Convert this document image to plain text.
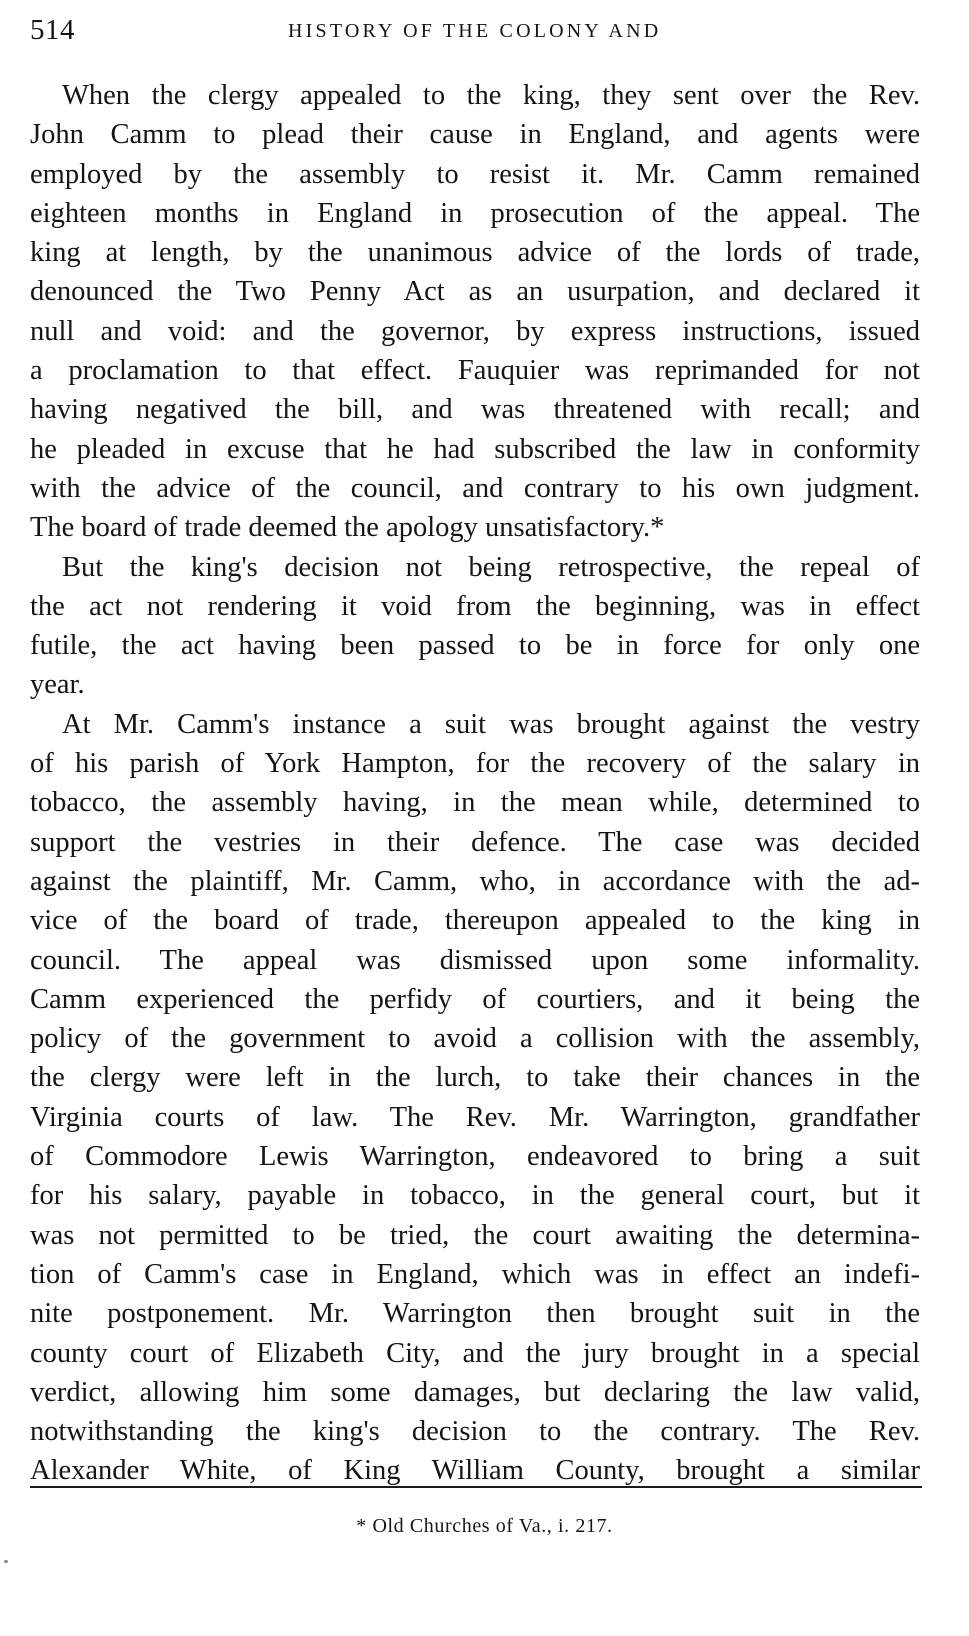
514	HISTORY OF THE COLONY AND
When the clergy appealed to the king, they sent over the Rev.
John Camm to plead their cause in England, and agents were
employed by the assembly to resist it. Mr. Camm remained
eighteen months in England in prosecution of the appeal. The
king at length, by the unanimous advice of the lords of trade,
denounced the Two Penny Act as an usurpation, and declared it
null and void: and the governor, by express instructions, issued
a proclamation to that effect. Fauquier was reprimanded for not
having negatived the bill, and was threatened with recall; and
he pleaded in excuse that he had subscribed the law in conformity
with the advice of the council, and contrary to his own judgment.
The board of trade deemed the apology unsatisfactory.*
But the king's decision not being retrospective, the repeal of
the act not rendering it void from the beginning, was in effect
futile, the act having been passed to be in force for only one
year.
At Mr. Camm's instance a suit was brought against the vestry
of his parish of York Hampton, for the recovery of the salary in
tobacco, the assembly having, in the mean while, determined to
support the vestries in their defence. The case was decided
against the plaintiff, Mr. Camm, who, in accordance with the ad-
vice of the board of trade, thereupon appealed to the king in
council. The appeal was dismissed upon some informality.
Camm experienced the perfidy of courtiers, and it being the
policy of the government to avoid a collision with the assembly,
the clergy were left in the lurch, to take their chances in the
Virginia courts of law. The Rev. Mr. Warrington, grandfather
of Commodore Lewis Warrington, endeavored to bring a suit
for his salary, payable in tobacco, in the general court, but it
was not permitted to be tried, the court awaiting the determina-
tion of Camm's case in England, which was in effect an indefi-
nite postponement. Mr. Warrington then brought suit in the
county court of Elizabeth City, and the jury brought in a special
verdict, allowing him some damages, but declaring the law valid,
notwithstanding the king's decision to the contrary. The Rev.
Alexander White, of King William County, brought a similar
* Old Churches of Va., i. 217.
